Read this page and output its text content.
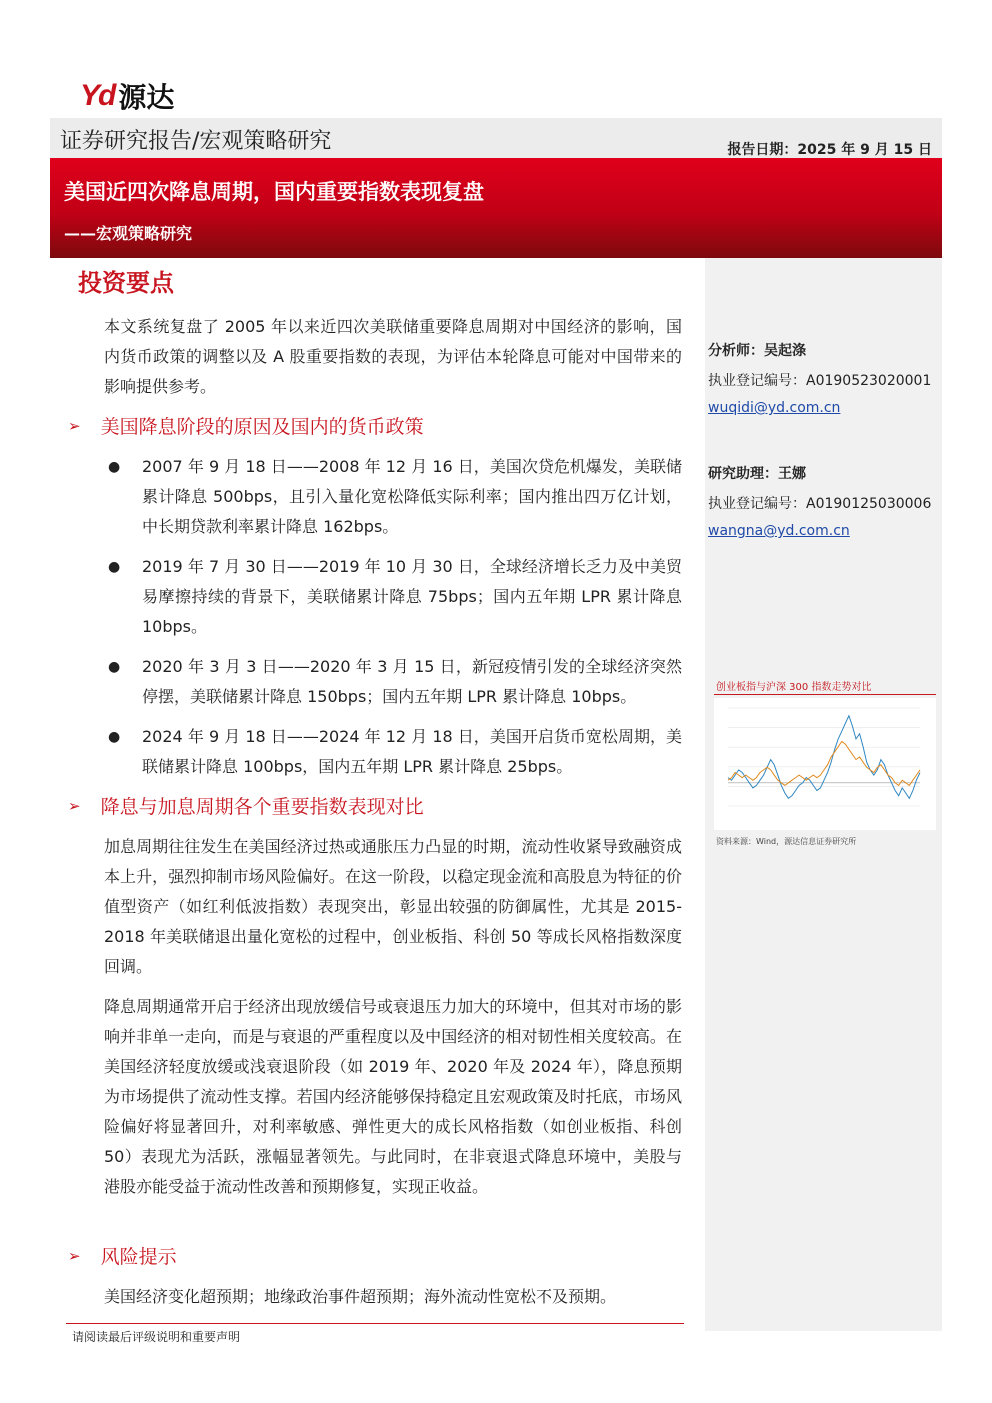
Yd 源达
证券研究报告/宏观策略研究	报告日期：2025 年 9 月 15 日
美国近四次降息周期，国内重要指数表现复盘
——宏观策略研究
分析师：吴起涤
执业登记编号：A0190523020001
wuqidi@yd.com.cn
研究助理：王娜
执业登记编号：A0190125030006
wangna@yd.com.cn
创业板指与沪深 300 指数走势对比
资料来源：Wind，源达信息证券研究所
投资要点
本文系统复盘了 2005 年以来近四次美联储重要降息周期对中国经济的影响，国内货币政策的调整以及 A 股重要指数的表现，为评估本轮降息可能对中国带来的影响提供参考。
➢ 美国降息阶段的原因及国内的货币政策
● 2007 年 9 月 18 日——2008 年 12 月 16 日，美国次贷危机爆发，美联储累计降息 500bps，且引入量化宽松降低实际利率；国内推出四万亿计划，中长期贷款利率累计降息 162bps。
● 2019 年 7 月 30 日——2019 年 10 月 30 日，全球经济增长乏力及中美贸易摩擦持续的背景下，美联储累计降息 75bps；国内五年期 LPR 累计降息 10bps。
● 2020 年 3 月 3 日——2020 年 3 月 15 日，新冠疫情引发的全球经济突然停摆，美联储累计降息 150bps；国内五年期 LPR 累计降息 10bps。
● 2024 年 9 月 18 日——2024 年 12 月 18 日，美国开启货币宽松周期，美联储累计降息 100bps，国内五年期 LPR 累计降息 25bps。
➢ 降息与加息周期各个重要指数表现对比
加息周期往往发生在美国经济过热或通胀压力凸显的时期，流动性收紧导致融资成本上升，强烈抑制市场风险偏好。在这一阶段，以稳定现金流和高股息为特征的价值型资产（如红利低波指数）表现突出，彰显出较强的防御属性，尤其是 2015-2018 年美联储退出量化宽松的过程中，创业板指、科创 50 等成长风格指数深度回调。
降息周期通常开启于经济出现放缓信号或衰退压力加大的环境中，但其对市场的影响并非单一走向，而是与衰退的严重程度以及中国经济的相对韧性相关度较高。在美国经济轻度放缓或浅衰退阶段（如 2019 年、2020 年及 2024 年），降息预期为市场提供了流动性支撑。若国内经济能够保持稳定且宏观政策及时托底，市场风险偏好将显著回升，对利率敏感、弹性更大的成长风格指数（如创业板指、科创 50）表现尤为活跃，涨幅显著领先。与此同时，在非衰退式降息环境中，美股与港股亦能受益于流动性改善和预期修复，实现正收益。
➢ 风险提示
美国经济变化超预期；地缘政治事件超预期；海外流动性宽松不及预期。
请阅读最后评级说明和重要声明
